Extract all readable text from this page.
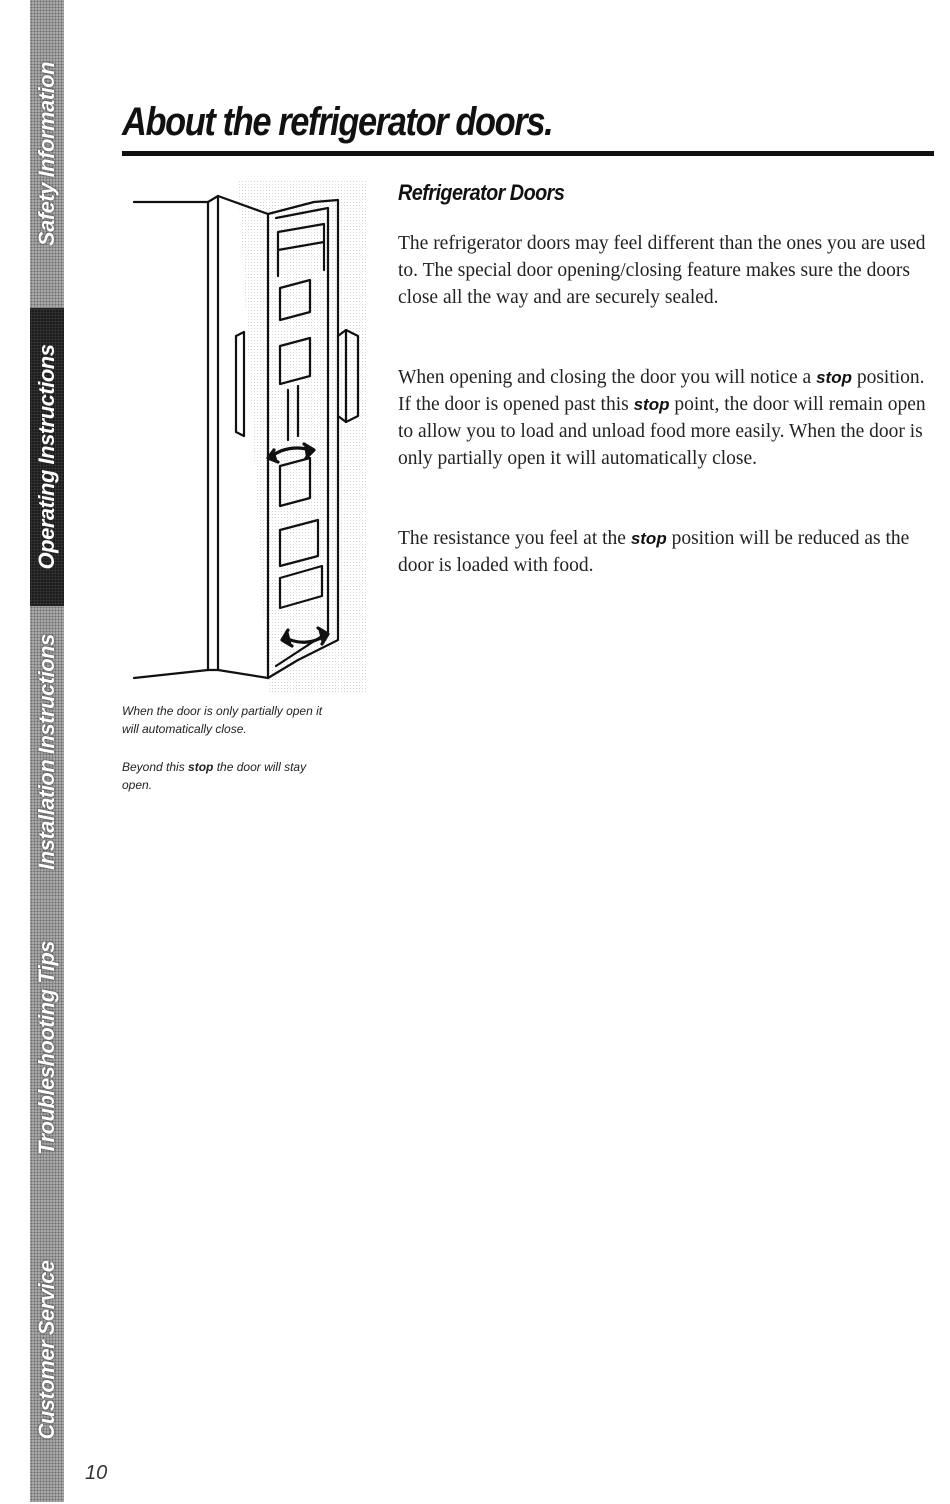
Safety Information
Operating Instructions
Installation Instructions
Troubleshooting Tips
Customer Service
10
About the refrigerator doors.

When the door is only partially open it will automatically close.

Beyond this stop the door will stay open.

Refrigerator Doors

The refrigerator doors may feel different than the ones you are used to. The special door opening/closing feature makes sure the doors close all the way and are securely sealed.

When opening and closing the door you will notice a stop position. If the door is opened past this stop point, the door will remain open to allow you to load and unload food more easily. When the door is only partially open it will automatically close.

The resistance you feel at the stop position will be reduced as the door is loaded with food.
